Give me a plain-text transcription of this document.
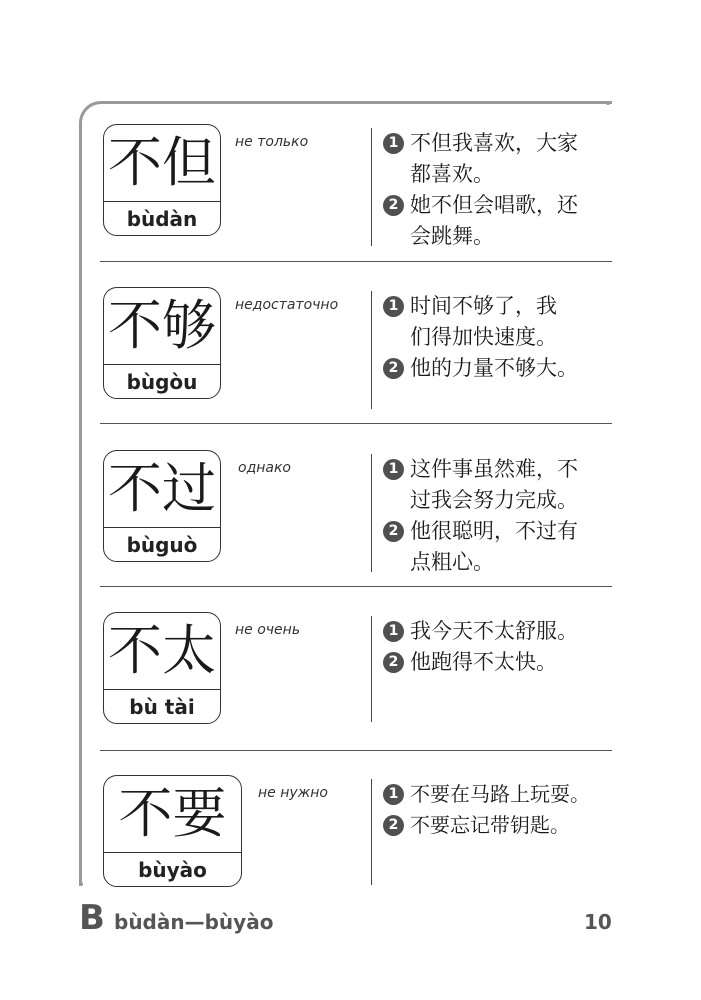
不但
bùdàn
не только	1 不但我喜欢，大家
都喜欢。
2 她不但会唱歌，还
会跳舞。
不够
bùgòu
недостаточно	1 时间不够了，我
们得加快速度。
2 他的力量不够大。
不过
bùguò
однако	1 这件事虽然难，不
过我会努力完成。
2 他很聪明，不过有
点粗心。
不太
bù tài
не очень	1 我今天不太舒服。
2 他跑得不太快。
不要
bùyào
не нужно	1 不要在马路上玩耍。
2 不要忘记带钥匙。
B bùdàn—bùyào	10
